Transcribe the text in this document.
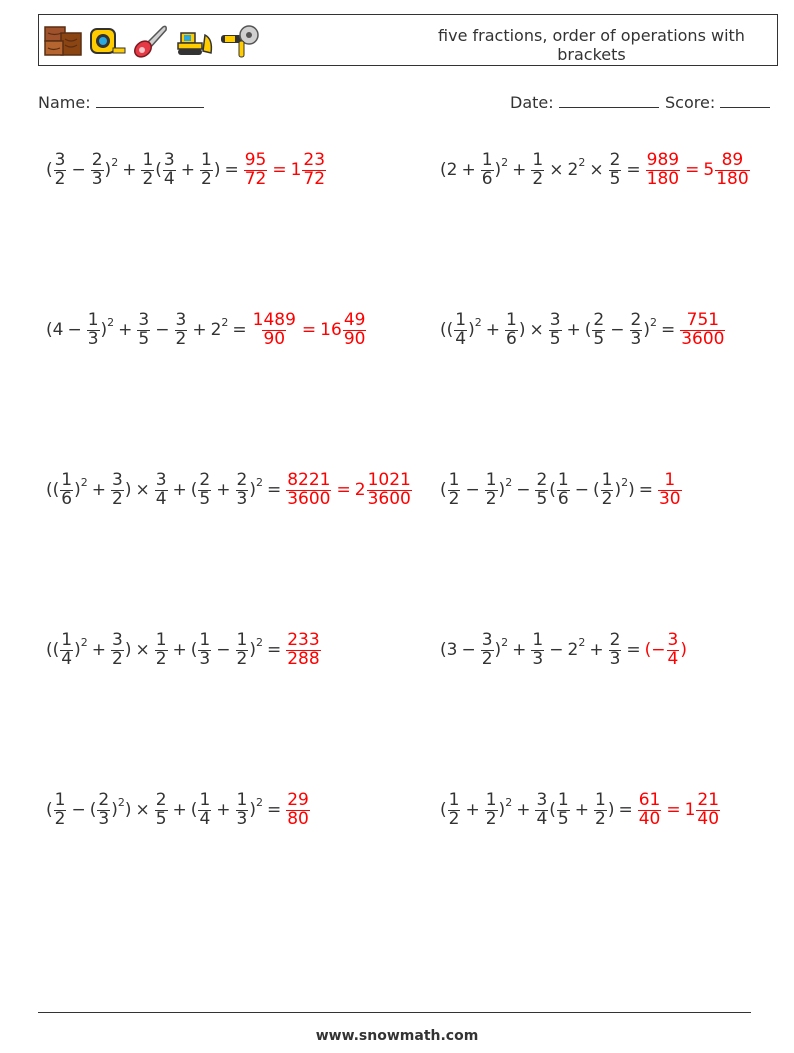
five fractions, order of operations with brackets
Name:	Date:	Score:
( $\frac{3}{2} - \frac{2}{3}$ ) $2 + \frac{1}{2}$ ( $\frac{3}{4} + \frac{1}{2}$ ) = $\frac{95}{72} = 1 \frac{23}{72}$	($2 + \frac{1}{6}$ ) $2 + \frac{1}{2} \times 2$ $2 \times \frac{2}{5} = \frac{989}{180} = 5 \frac{89}{180}$
($4 - \frac{1}{3}$ ) $2 + \frac{3}{5} - \frac{3}{2} + 2$ $2 = \frac{1489}{90} = 16 \frac{49}{90}$	(( $\frac{1}{4}$ ) $2 + \frac{1}{6}$ ) × $\frac{3}{5}$ + ( $\frac{2}{5} - \frac{2}{3}$ ) $2 = \frac{751}{3600}$
(( $\frac{1}{6}$ ) $2 + \frac{3}{2}$ ) × $\frac{3}{4}$ + ( $\frac{2}{5} + \frac{2}{3}$ ) $2 = \frac{8221}{3600} = 2 \frac{1021}{3600}$ ( $\frac{1}{2} - \frac{1}{2}$ ) $2 - \frac{2}{5}$ ( $\frac{1}{6}$ − ( $\frac{1}{2}$ ) 2 ) = $\frac{1}{30}$
(( $\frac{1}{4}$ ) $2 + \frac{3}{2}$ ) × $\frac{1}{2}$ + ( $\frac{1}{3} - \frac{1}{2}$ ) $2 = \frac{233}{288}$	($3 - \frac{3}{2}$ ) $2 + \frac{1}{3} - 2$ $2 + \frac{2}{3}$ = (− $\frac{3}{4}$ )
( $\frac{1}{2}$ − ( $\frac{2}{3}$ ) 2 ) × $\frac{2}{5}$ + ( $\frac{1}{4} + \frac{1}{3}$ ) $2 = \frac{29}{80}$	( $\frac{1}{2} + \frac{1}{2}$ ) $2 + \frac{3}{4}$ ( $\frac{1}{5} + \frac{1}{2}$ ) = $\frac{61}{40} = 1 \frac{21}{40}$
www.snowmath.com
